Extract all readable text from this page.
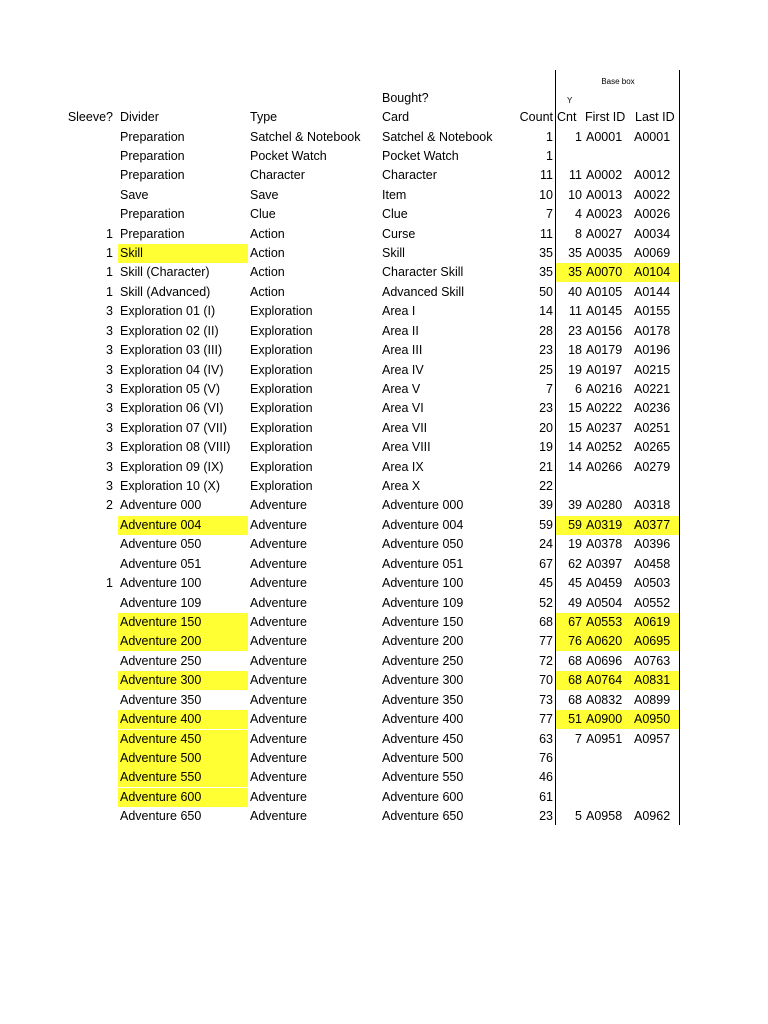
Base box
Y
Bought?
Sleeve? Divider	Type	Card	Count Cnt First ID Last ID
Preparation	Satchel & Notebook	Satchel & Notebook	1	1 A0001 A0001
Preparation	Pocket Watch	Pocket Watch	1
Preparation	Character	Character	11	11 A0002 A0012
Save	Save	Item	10	10 A0013 A0022
Preparation	Clue	Clue	7	4 A0023 A0026
1 Preparation	Action	Curse	11	8 A0027 A0034
1 Skill	Action	Skill	35	35 A0035 A0069
1 Skill (Character)	Action	Character Skill	35	35 A0070 A0104
1 Skill (Advanced)	Action	Advanced Skill	50	40 A0105 A0144
3 Exploration 01 (I)	Exploration	Area I	14	11 A0145 A0155
3 Exploration 02 (II)	Exploration	Area II	28	23 A0156 A0178
3 Exploration 03 (III)	Exploration	Area III	23	18 A0179 A0196
3 Exploration 04 (IV)	Exploration	Area IV	25	19 A0197 A0215
3 Exploration 05 (V)	Exploration	Area V	7	6 A0216 A0221
3 Exploration 06 (VI)	Exploration	Area VI	23	15 A0222 A0236
3 Exploration 07 (VII)	Exploration	Area VII	20	15 A0237 A0251
3 Exploration 08 (VIII)	Exploration	Area VIII	19	14 A0252 A0265
3 Exploration 09 (IX)	Exploration	Area IX	21	14 A0266 A0279
3 Exploration 10 (X)	Exploration	Area X	22
2 Adventure 000	Adventure	Adventure 000	39	39 A0280 A0318
Adventure 004	Adventure	Adventure 004	59	59 A0319 A0377
Adventure 050	Adventure	Adventure 050	24	19 A0378 A0396
Adventure 051	Adventure	Adventure 051	67	62 A0397 A0458
1 Adventure 100	Adventure	Adventure 100	45	45 A0459 A0503
Adventure 109	Adventure	Adventure 109	52	49 A0504 A0552
Adventure 150	Adventure	Adventure 150	68	67 A0553 A0619
Adventure 200	Adventure	Adventure 200	77	76 A0620 A0695
Adventure 250	Adventure	Adventure 250	72	68 A0696 A0763
Adventure 300	Adventure	Adventure 300	70	68 A0764 A0831
Adventure 350	Adventure	Adventure 350	73	68 A0832 A0899
Adventure 400	Adventure	Adventure 400	77	51 A0900 A0950
Adventure 450	Adventure	Adventure 450	63	7 A0951 A0957
Adventure 500	Adventure	Adventure 500	76
Adventure 550	Adventure	Adventure 550	46
Adventure 600	Adventure	Adventure 600	61
Adventure 650	Adventure	Adventure 650	23	5 A0958 A0962
